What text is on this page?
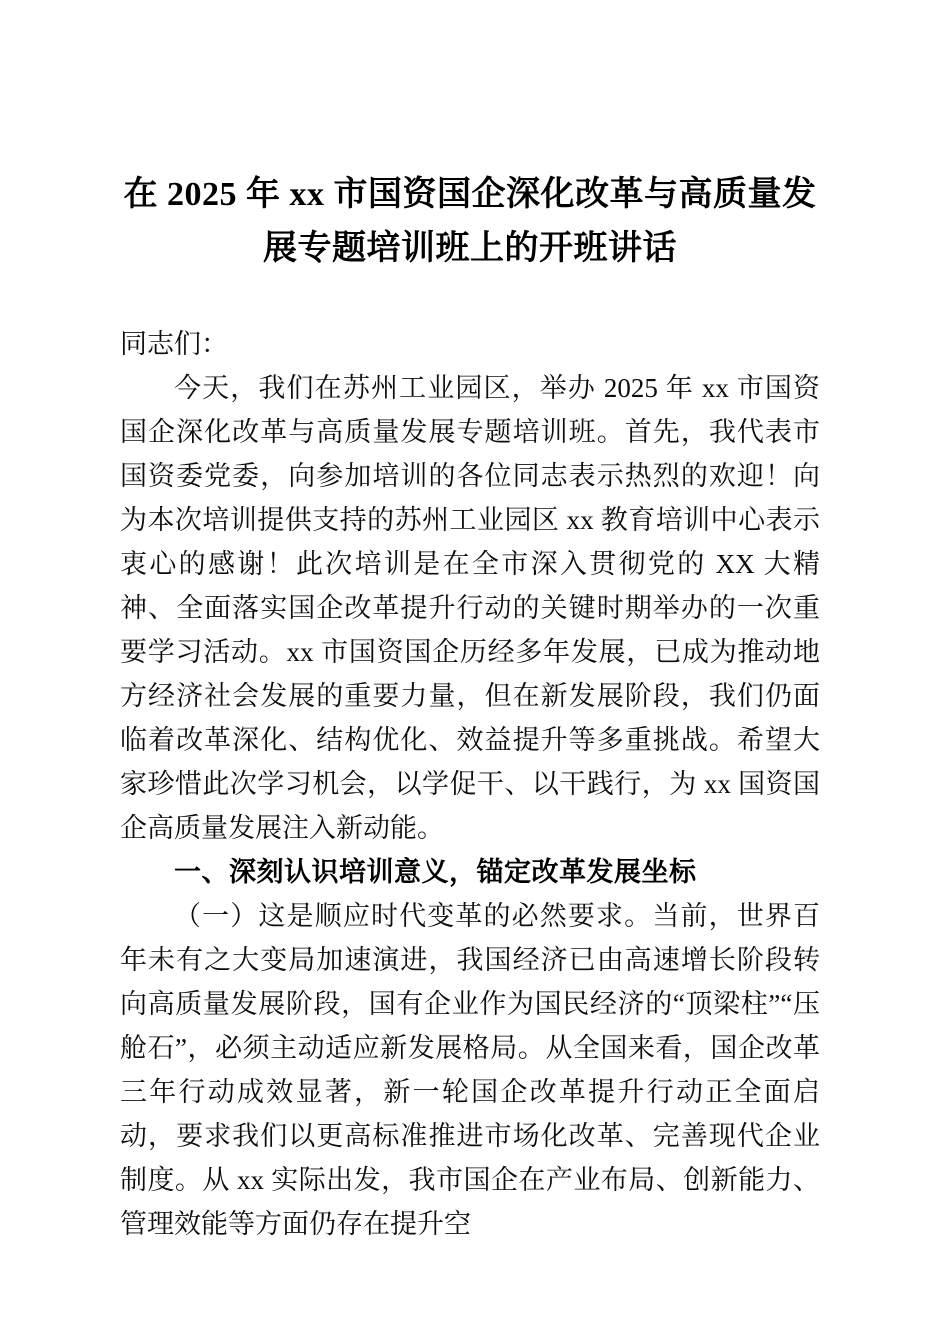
在 2025 年 xx 市国资国企深化改革与高质量发展专题培训班上的开班讲话

同志们：

今天，我们在苏州工业园区，举办 2025 年 xx 市国资国企深化改革与高质量发展专题培训班。首先，我代表市国资委党委，向参加培训的各位同志表示热烈的欢迎！向为本次培训提供支持的苏州工业园区 xx 教育培训中心表示衷心的感谢！此次培训是在全市深入贯彻党的 XX 大精神、全面落实国企改革提升行动的关键时期举办的一次重要学习活动。xx 市国资国企历经多年发展，已成为推动地方经济社会发展的重要力量，但在新发展阶段，我们仍面临着改革深化、结构优化、效益提升等多重挑战。希望大家珍惜此次学习机会，以学促干、以干践行，为 xx 国资国企高质量发展注入新动能。

一、深刻认识培训意义，锚定改革发展坐标

（一）这是顺应时代变革的必然要求。当前，世界百年未有之大变局加速演进，我国经济已由高速增长阶段转向高质量发展阶段，国有企业作为国民经济的“顶梁柱”“压舱石”，必须主动适应新发展格局。从全国来看，国企改革三年行动成效显著，新一轮国企改革提升行动正全面启动，要求我们以更高标准推进市场化改革、完善现代企业制度。从 xx 实际出发，我市国企在产业布局、创新能力、管理效能等方面仍存在提升空
